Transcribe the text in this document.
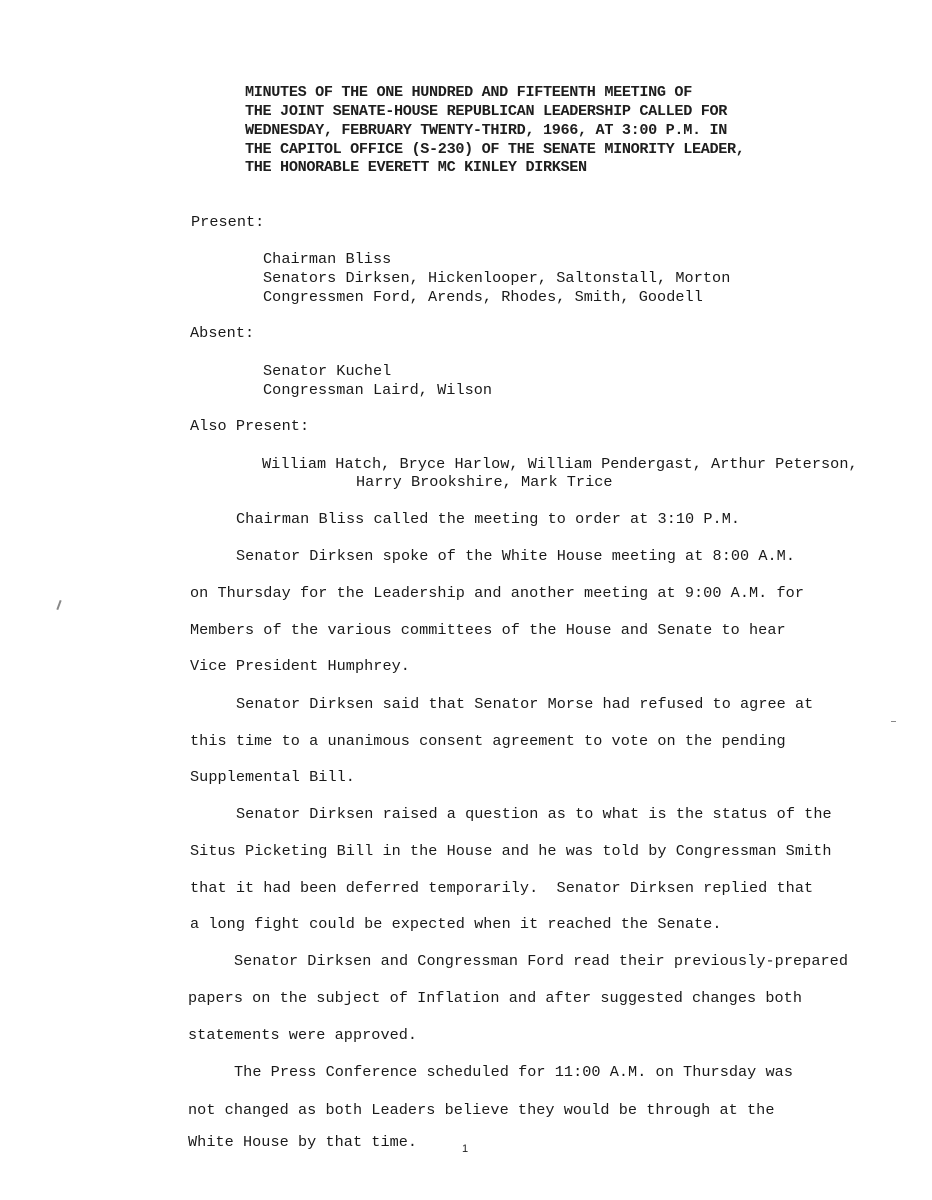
MINUTES OF THE ONE HUNDRED AND FIFTEENTH MEETING OF
THE JOINT SENATE-HOUSE REPUBLICAN LEADERSHIP CALLED FOR
WEDNESDAY, FEBRUARY TWENTY-THIRD, 1966, AT 3:00 P.M. IN
THE CAPITOL OFFICE (S-230) OF THE SENATE MINORITY LEADER,
THE HONORABLE EVERETT MC KINLEY DIRKSEN
Present:
Chairman Bliss
Senators Dirksen, Hickenlooper, Saltonstall, Morton
Congressmen Ford, Arends, Rhodes, Smith, Goodell
Absent:
Senator Kuchel
Congressman Laird, Wilson
Also Present:
William Hatch, Bryce Harlow, William Pendergast, Arthur Peterson,
Harry Brookshire, Mark Trice
Chairman Bliss called the meeting to order at 3:10 P.M.
Senator Dirksen spoke of the White House meeting at 8:00 A.M.
on Thursday for the Leadership and another meeting at 9:00 A.M. for
Members of the various committees of the House and Senate to hear
Vice President Humphrey.
Senator Dirksen said that Senator Morse had refused to agree at
this time to a unanimous consent agreement to vote on the pending
Supplemental Bill.
Senator Dirksen raised a question as to what is the status of the
Situs Picketing Bill in the House and he was told by Congressman Smith
that it had been deferred temporarily.  Senator Dirksen replied that
a long fight could be expected when it reached the Senate.
Senator Dirksen and Congressman Ford read their previously-prepared
papers on the subject of Inflation and after suggested changes both
statements were approved.
The Press Conference scheduled for 11:00 A.M. on Thursday was
not changed as both Leaders believe they would be through at the
White House by that time.	1
